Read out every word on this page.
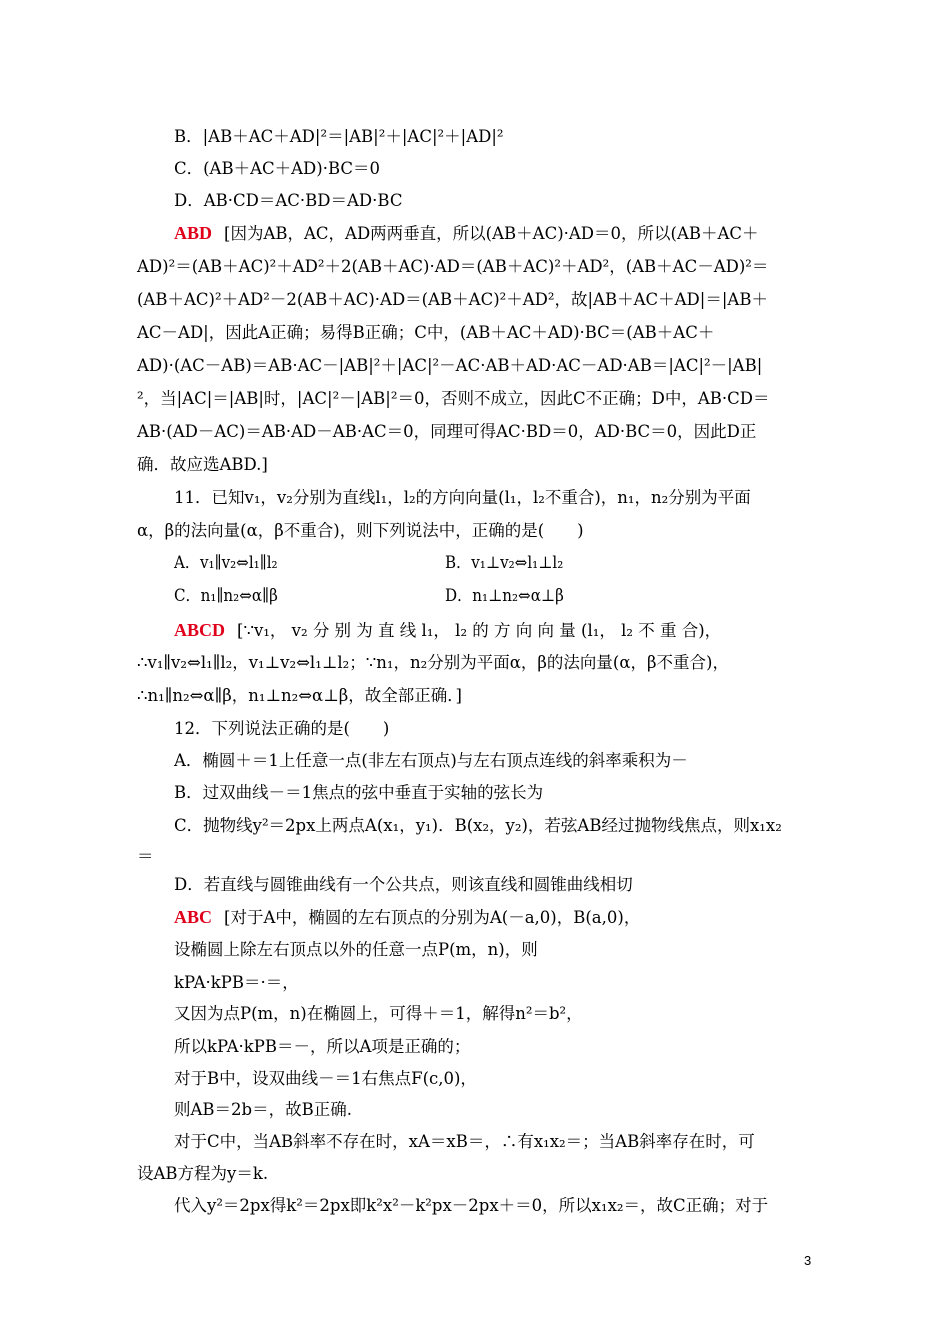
B．|AB＋AC＋AD|²＝|AB|²＋|AC|²＋|AD|²
C．(AB＋AC＋AD)·BC＝0
D．AB·CD＝AC·BD＝AD·BC
ABD [因为AB，AC，AD两两垂直，所以(AB＋AC)·AD＝0，所以(AB＋AC＋
AD)²＝(AB＋AC)²＋AD²＋2(AB＋AC)·AD＝(AB＋AC)²＋AD²，(AB＋AC－AD)²＝
(AB＋AC)²＋AD²－2(AB＋AC)·AD＝(AB＋AC)²＋AD²，故|AB＋AC＋AD|＝|AB＋
AC－AD|，因此A正确；易得B正确；C中，(AB＋AC＋AD)·BC＝(AB＋AC＋
AD)·(AC－AB)＝AB·AC－|AB|²＋|AC|²－AC·AB＋AD·AC－AD·AB＝|AC|²－|AB|
²，当|AC|＝|AB|时，|AC|²－|AB|²＝0，否则不成立，因此C不正确；D中，AB·CD＝
AB·(AD－AC)＝AB·AD－AB·AC＝0，同理可得AC·BD＝0，AD·BC＝0，因此D正
确．故应选ABD.]
11．已知v₁，v₂分别为直线l₁，l₂的方向向量(l₁，l₂不重合)，n₁，n₂分别为平面
α，β的法向量(α，β不重合)，则下列说法中，正确的是(　　)
A．v₁∥v₂⇔l₁∥l₂	B．v₁⊥v₂⇔l₁⊥l₂
C．n₁∥n₂⇔α∥β	D．n₁⊥n₂⇔α⊥β
ABCD [∵v₁， v₂ 分 别 为 直 线 l₁， l₂ 的 方 向 向 量 (l₁， l₂ 不 重 合)，
∴v₁∥v₂⇔l₁∥l₂，v₁⊥v₂⇔l₁⊥l₂；∵n₁，n₂分别为平面α，β的法向量(α，β不重合)，
∴n₁∥n₂⇔α∥β，n₁⊥n₂⇔α⊥β，故全部正确．]
12．下列说法正确的是(　　)
A．椭圆＋＝1上任意一点(非左右顶点)与左右顶点连线的斜率乘积为－
B．过双曲线－＝1焦点的弦中垂直于实轴的弦长为
C．抛物线y²＝2px上两点A(x₁，y₁)．B(x₂，y₂)，若弦AB经过抛物线焦点，则x₁x₂
＝
D．若直线与圆锥曲线有一个公共点，则该直线和圆锥曲线相切
ABC [对于A中，椭圆的左右顶点的分别为A(－a,0)，B(a,0)，
设椭圆上除左右顶点以外的任意一点P(m，n)，则
kPA·kPB＝·＝，
又因为点P(m，n)在椭圆上，可得＋＝1，解得n²＝b²，
所以kPA·kPB＝－，所以A项是正确的；
对于B中，设双曲线－＝1右焦点F(c,0)，
则AB＝2b＝，故B正确.
对于C中，当AB斜率不存在时，xA＝xB＝，∴有x₁x₂＝；当AB斜率存在时，可
设AB方程为y＝k.
代入y²＝2px得k²＝2px即k²x²－k²px－2px＋＝0，所以x₁x₂＝，故C正确；对于
3
